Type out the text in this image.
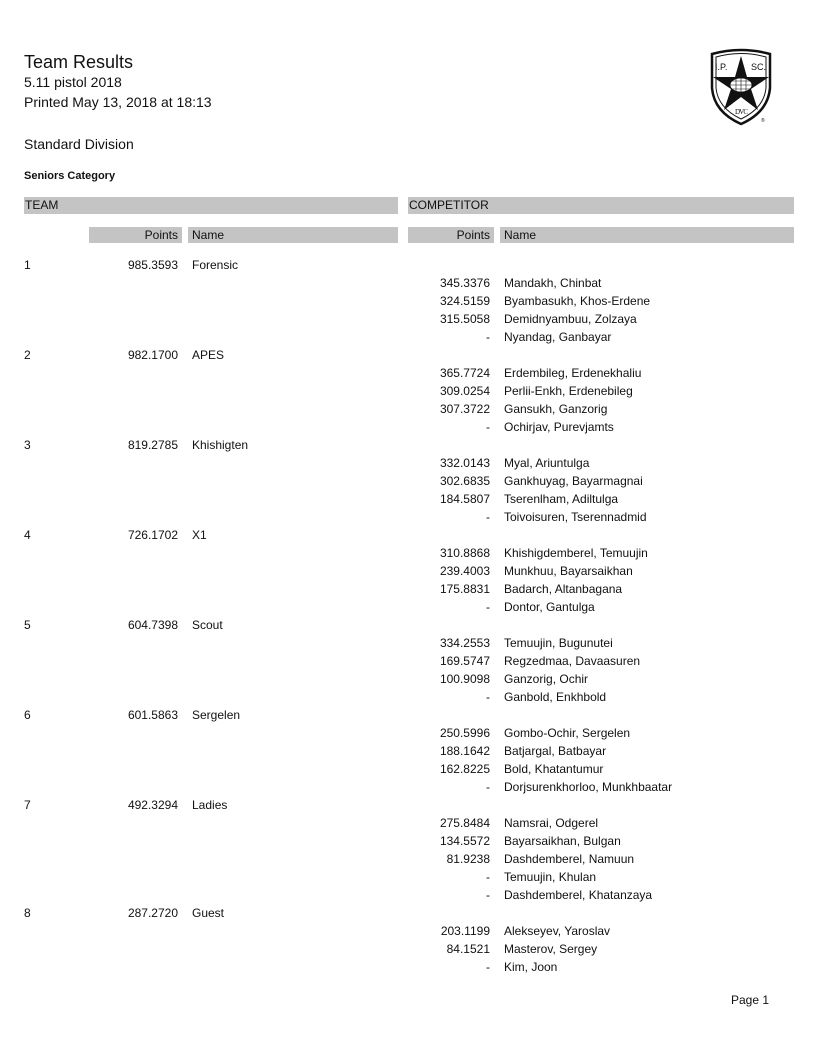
Team Results
5.11 pistol 2018
Printed May 13, 2018 at 18:13
Standard Division
Seniors Category
I.P.	SC.
DVC
®
TEAM	COMPETITOR
Points Name	Points Name
1	985.3593 Forensic
345.3376 Mandakh, Chinbat
324.5159 Byambasukh, Khos-Erdene
315.5058 Demidnyambuu, Zolzaya
- Nyandag, Ganbayar
2	982.1700 APES
365.7724 Erdembileg, Erdenekhaliu
309.0254 Perlii-Enkh, Erdenebileg
307.3722 Gansukh, Ganzorig
- Ochirjav, Purevjamts
3	819.2785 Khishigten
332.0143 Myal, Ariuntulga
302.6835 Gankhuyag, Bayarmagnai
184.5807 Tserenlham, Adiltulga
- Toivoisuren, Tserennadmid
4	726.1702 X1
310.8868 Khishigdemberel, Temuujin
239.4003 Munkhuu, Bayarsaikhan
175.8831 Badarch, Altanbagana
- Dontor, Gantulga
5	604.7398 Scout
334.2553 Temuujin, Bugunutei
169.5747 Regzedmaa, Davaasuren
100.9098 Ganzorig, Ochir
- Ganbold, Enkhbold
6	601.5863 Sergelen
250.5996 Gombo-Ochir, Sergelen
188.1642 Batjargal, Batbayar
162.8225 Bold, Khatantumur
- Dorjsurenkhorloo, Munkhbaatar
7	492.3294 Ladies
275.8484 Namsrai, Odgerel
134.5572 Bayarsaikhan, Bulgan
81.9238 Dashdemberel, Namuun
- Temuujin, Khulan
- Dashdemberel, Khatanzaya
8	287.2720 Guest
203.1199 Alekseyev, Yaroslav
84.1521 Masterov, Sergey
- Kim, Joon
Page 1
